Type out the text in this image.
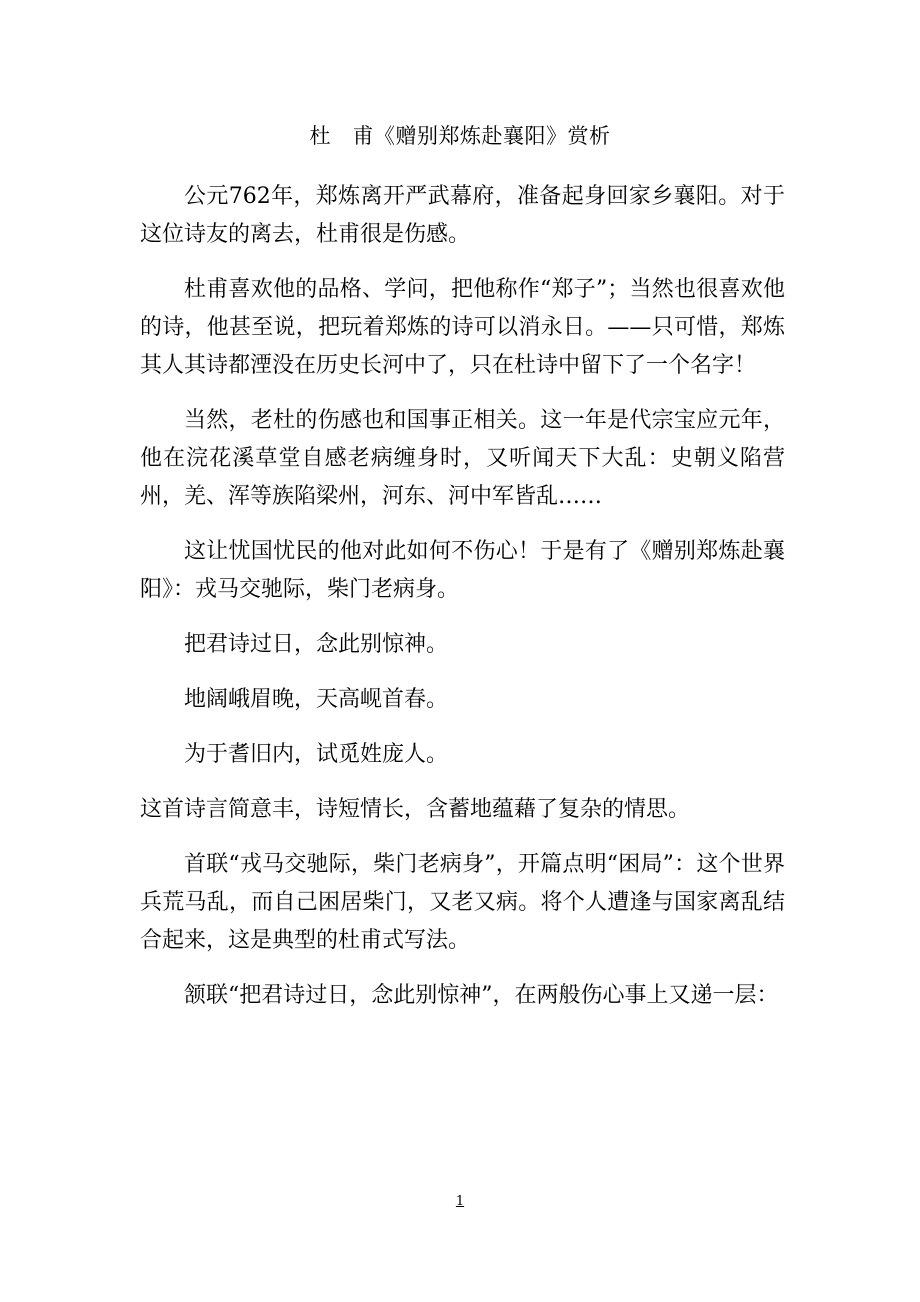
杜　甫《赠别郑炼赴襄阳》赏析

公元762年，郑炼离开严武幕府，准备起身回家乡襄阳。对于这位诗友的离去，杜甫很是伤感。

杜甫喜欢他的品格、学问，把他称作“郑子”；当然也很喜欢他的诗，他甚至说，把玩着郑炼的诗可以消永日。——只可惜，郑炼其人其诗都湮没在历史长河中了，只在杜诗中留下了一个名字！

当然，老杜的伤感也和国事正相关。这一年是代宗宝应元年，他在浣花溪草堂自感老病缠身时，又听闻天下大乱：史朝义陷营州，羌、浑等族陷梁州，河东、河中军皆乱……

这让忧国忧民的他对此如何不伤心！于是有了《赠别郑炼赴襄阳》：戎马交驰际，柴门老病身。

把君诗过日，念此别惊神。

地阔峨眉晚，天高岘首春。

为于耆旧内，试觅姓庞人。

这首诗言简意丰，诗短情长，含蓄地蕴藉了复杂的情思。

首联“戎马交驰际，柴门老病身”，开篇点明“困局”：这个世界兵荒马乱，而自己困居柴门，又老又病。将个人遭逢与国家离乱结合起来，这是典型的杜甫式写法。

颔联“把君诗过日，念此别惊神”，在两般伤心事上又递一层：

1
